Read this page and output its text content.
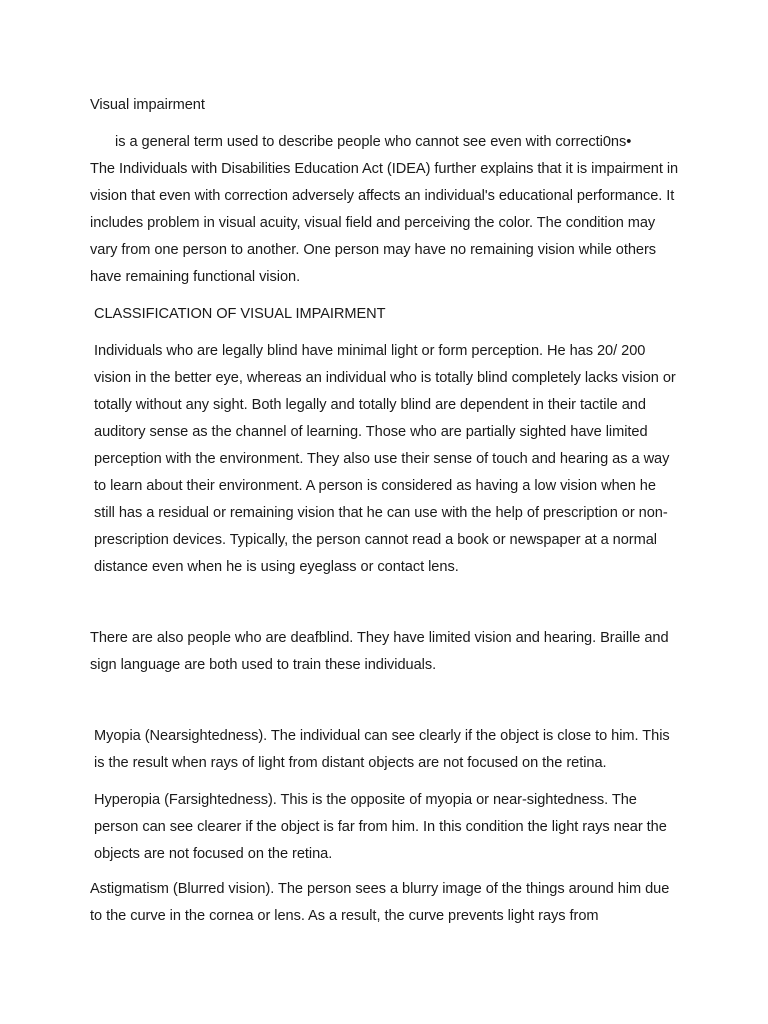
Visual impairment

is a general term used to describe people who cannot see even with correcti0ns•

The Individuals with Disabilities Education Act (IDEA) further explains that it is impairment in vision that even with correction adversely affects an individual's educational performance. It includes problem in visual acuity, visual field and perceiving the color. The condition may vary from one person to another. One person may have no remaining vision while others have remaining functional vision.

CLASSIFICATION OF VISUAL IMPAIRMENT

Individuals who are legally blind have minimal light or form perception. He has 20/ 200 vision in the better eye, whereas an individual who is totally blind completely lacks vision or totally without any sight. Both legally and totally blind are dependent in their tactile and auditory sense as the channel of learning. Those who are partially sighted have limited perception with the environment. They also use their sense of touch and hearing as a way to learn about their environment. A person is considered as having a low vision when he still has a residual or remaining vision that he can use with the help of prescription or non-prescription devices. Typically, the person cannot read a book or newspaper at a normal distance even when he is using eyeglass or contact lens.

There are also people who are deafblind. They have limited vision and hearing. Braille and sign language are both used to train these individuals.

Myopia (Nearsightedness). The individual can see clearly if the object is close to him. This is the result when rays of light from distant objects are not focused on the retina.

Hyperopia (Farsightedness). This is the opposite of myopia or near-sightedness. The person can see clearer if the object is far from him. In this condition the light rays near the objects are not focused on the retina.

Astigmatism (Blurred vision). The person sees a blurry image of the things around him due to the curve in the cornea or lens. As a result, the curve prevents light rays from
